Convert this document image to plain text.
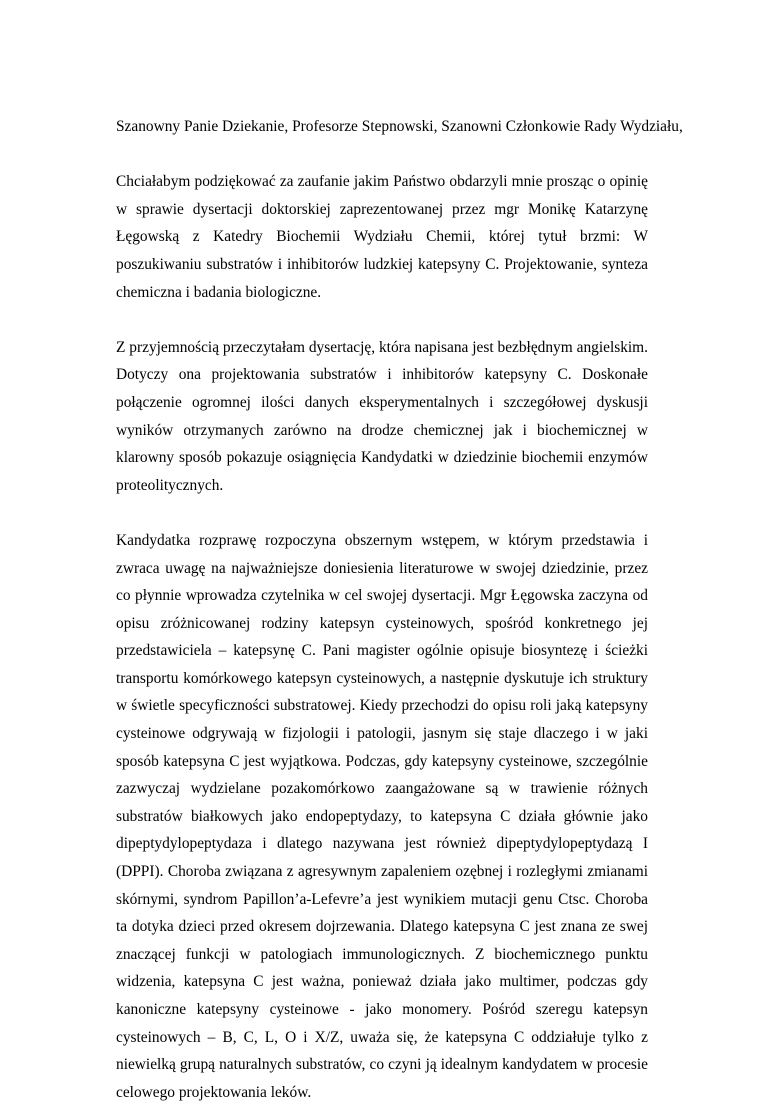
Szanowny Panie Dziekanie, Profesorze Stepnowski, Szanowni Członkowie Rady Wydziału,

Chciałabym podziękować za zaufanie jakim Państwo obdarzyli mnie prosząc o opinię w sprawie dysertacji doktorskiej zaprezentowanej przez mgr Monikę Katarzynę Łęgowską z Katedry Biochemii Wydziału Chemii, której tytuł brzmi: W poszukiwaniu substratów i inhibitorów ludzkiej katepsyny C. Projektowanie, synteza chemiczna i badania biologiczne.

Z przyjemnością przeczytałam dysertację, która napisana jest bezbłędnym angielskim. Dotyczy ona projektowania substratów i inhibitorów katepsyny C. Doskonałe połączenie ogromnej ilości danych eksperymentalnych i szczegółowej dyskusji wyników otrzymanych zarówno na drodze chemicznej jak i biochemicznej w klarowny sposób pokazuje osiągnięcia Kandydatki w dziedzinie biochemii enzymów proteolitycznych.

Kandydatka rozprawę rozpoczyna obszernym wstępem, w którym przedstawia i zwraca uwagę na najważniejsze doniesienia literaturowe w swojej dziedzinie, przez co płynnie wprowadza czytelnika w cel swojej dysertacji. Mgr Łęgowska zaczyna od opisu zróżnicowanej rodziny katepsyn cysteinowych, spośród konkretnego jej przedstawiciela – katepsynę C. Pani magister ogólnie opisuje biosyntezę i ścieżki transportu komórkowego katepsyn cysteinowych, a następnie dyskutuje ich struktury w świetle specyficzności substratowej. Kiedy przechodzi do opisu roli jaką katepsyny cysteinowe odgrywają w fizjologii i patologii, jasnym się staje dlaczego i w jaki sposób katepsyna C jest wyjątkowa. Podczas, gdy katepsyny cysteinowe, szczególnie zazwyczaj wydzielane pozakomórkowo zaangażowane są w trawienie różnych substratów białkowych jako endopeptydazy, to katepsyna C działa głównie jako dipeptydylopeptydaza i dlatego nazywana jest również dipeptydylopeptydazą I (DPPI). Choroba związana z agresywnym zapaleniem ozębnej i rozległymi zmianami skórnymi, syndrom Papillon’a-Lefevre’a jest wynikiem mutacji genu Ctsc. Choroba ta dotyka dzieci przed okresem dojrzewania. Dlatego katepsyna C jest znana ze swej znaczącej funkcji w patologiach immunologicznych. Z biochemicznego punktu widzenia, katepsyna C jest ważna, ponieważ działa jako multimer, podczas gdy kanoniczne katepsyny cysteinowe - jako monomery. Pośród szeregu katepsyn cysteinowych – B, C, L, O i X/Z, uważa się, że katepsyna C oddziałuje tylko z niewielką grupą naturalnych substratów, co czyni ją idealnym kandydatem w procesie celowego projektowania leków.
